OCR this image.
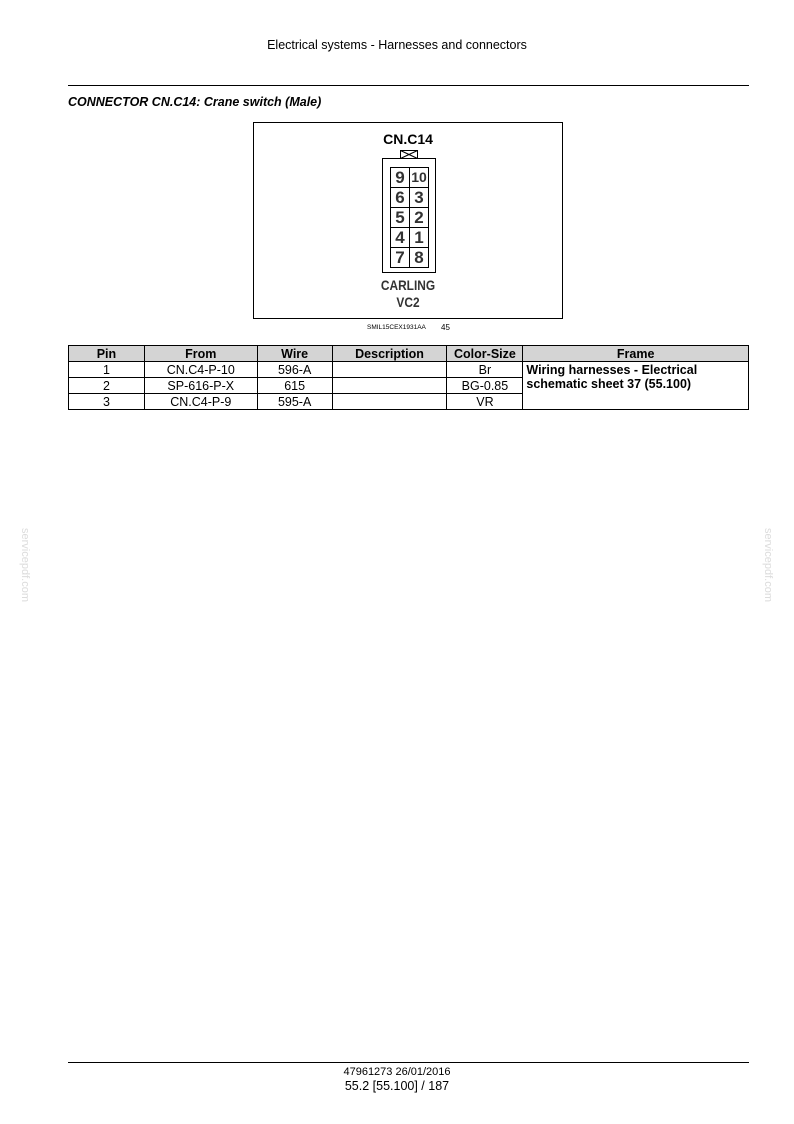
Electrical systems - Harnesses and connectors
CONNECTOR CN.C14: Crane switch (Male)
CN.C14
9 10
6 3
5 2
4 1
7 8
CARLING
VC2
SMIL15CEX1931AA 45
Pin	From	Wire	Description	Color-Size	Frame
1	CN.C4-P-10	596-A		Br	Wiring harnesses - Electrical
schematic sheet 37 (55.100)

2	SP-616-P-X	615		BG-0.85	
3	CN.C4-P-9	595-A		VR	
servicepdf.com	servicepdf.com
47961273 26/01/2016
55.2 [55.100] / 187
